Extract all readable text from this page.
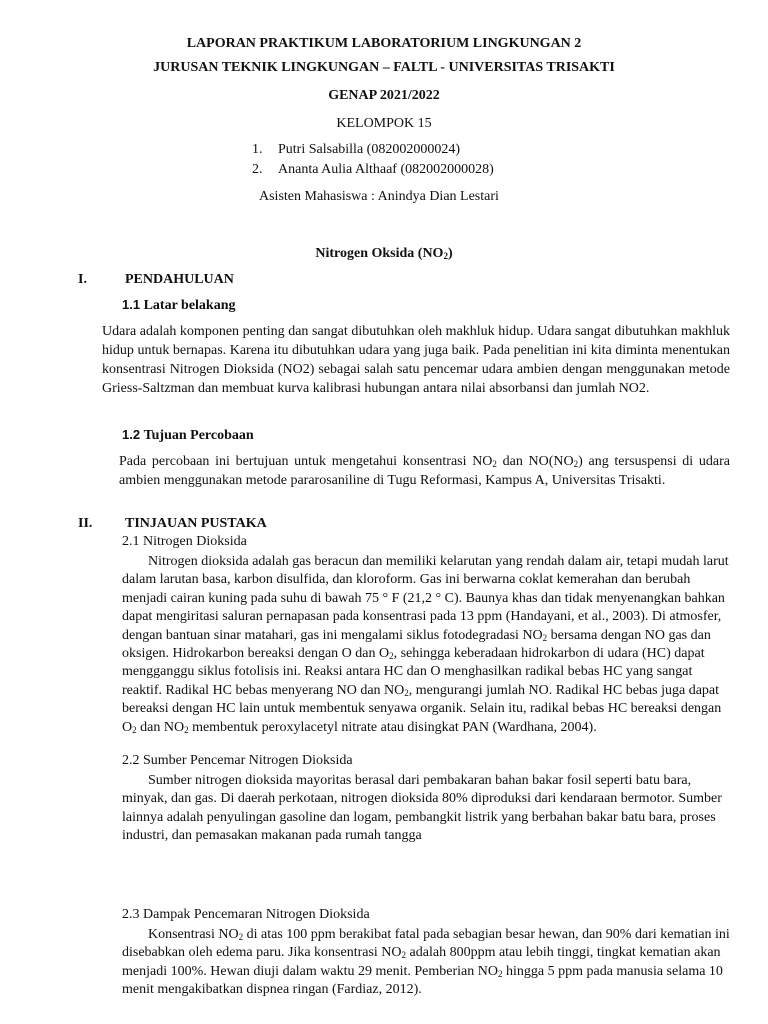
LAPORAN PRAKTIKUM LABORATORIUM LINGKUNGAN 2

JURUSAN TEKNIK LINGKUNGAN – FALTL - UNIVERSITAS TRISAKTI

GENAP 2021/2022

KELOMPOK 15

1. Putri Salsabilla (082002000024)

2. Ananta Aulia Althaaf (082002000028)

Asisten Mahasiswa : Anindya Dian Lestari

Nitrogen Oksida $(NO_2)$

I.	PENDAHULUAN

1.1 Latar belakang

Udara adalah komponen penting dan sangat dibutuhkan oleh makhluk hidup. Udara sangat dibutuhkan makhluk hidup untuk bernapas. Karena itu dibutuhkan udara yang juga baik. Pada penelitian ini kita diminta menentukan konsentrasi Nitrogen Dioksida (NO2) sebagai salah satu pencemar udara ambien dengan menggunakan metode Griess-Saltzman dan membuat kurva kalibrasi hubungan antara nilai absorbansi dan jumlah NO2.

1.2 Tujuan Percobaan

Pada percobaan ini bertujuan untuk mengetahui konsentrasi $NO_2$ dan $NO(NO_2)$ ang tersuspensi di udara ambien menggunakan metode pararosaniline di Tugu Reformasi, Kampus A, Universitas Trisakti.

II. TINJAUAN PUSTAKA

2.1 Nitrogen Dioksida

Nitrogen dioksida adalah gas beracun dan memiliki kelarutan yang rendah dalam air, tetapi mudah larut dalam larutan basa, karbon disulfida, dan kloroform. Gas ini berwarna coklat kemerahan dan berubah menjadi cairan kuning pada suhu di bawah 75 ° F (21,2 ° C). Baunya khas dan tidak menyenangkan bahkan dapat mengiritasi saluran pernapasan pada konsentrasi pada 13 ppm (Handayani, et al., 2003). Di atmosfer, dengan bantuan sinar matahari, gas ini mengalami siklus fotodegradasi $NO_2$ bersama dengan NO gas dan oksigen. Hidrokarbon bereaksi dengan O dan $O_2$, sehingga keberadaan hidrokarbon di udara (HC) dapat mengganggu siklus fotolisis ini. Reaksi antara HC dan O menghasilkan radikal bebas HC yang sangat reaktif. Radikal HC bebas menyerang NO dan $NO_2$, mengurangi jumlah NO. Radikal HC bebas juga dapat bereaksi dengan HC lain untuk membentuk senyawa organik. Selain itu, radikal bebas HC bereaksi dengan $O_2$ dan $NO_2$ membentuk peroxylacetyl nitrate atau disingkat PAN (Wardhana, 2004).

2.2 Sumber Pencemar Nitrogen Dioksida

Sumber nitrogen dioksida mayoritas berasal dari pembakaran bahan bakar fosil seperti batu bara, minyak, dan gas. Di daerah perkotaan, nitrogen dioksida 80% diproduksi dari kendaraan bermotor. Sumber lainnya adalah penyulingan gasoline dan logam, pembangkit listrik yang berbahan bakar batu bara, proses industri, dan pemasakan makanan pada rumah tangga

2.3 Dampak Pencemaran Nitrogen Dioksida

Konsentrasi $NO_2$ di atas 100 ppm berakibat fatal pada sebagian besar hewan, dan 90% dari kematian ini disebabkan oleh edema paru. Jika konsentrasi $NO_2$ adalah 800ppm atau lebih tinggi, tingkat kematian akan menjadi 100%. Hewan diuji dalam waktu 29 menit. Pemberian $NO_2$ hingga 5 ppm pada manusia selama 10 menit mengakibatkan dispnea ringan (Fardiaz, 2012).
